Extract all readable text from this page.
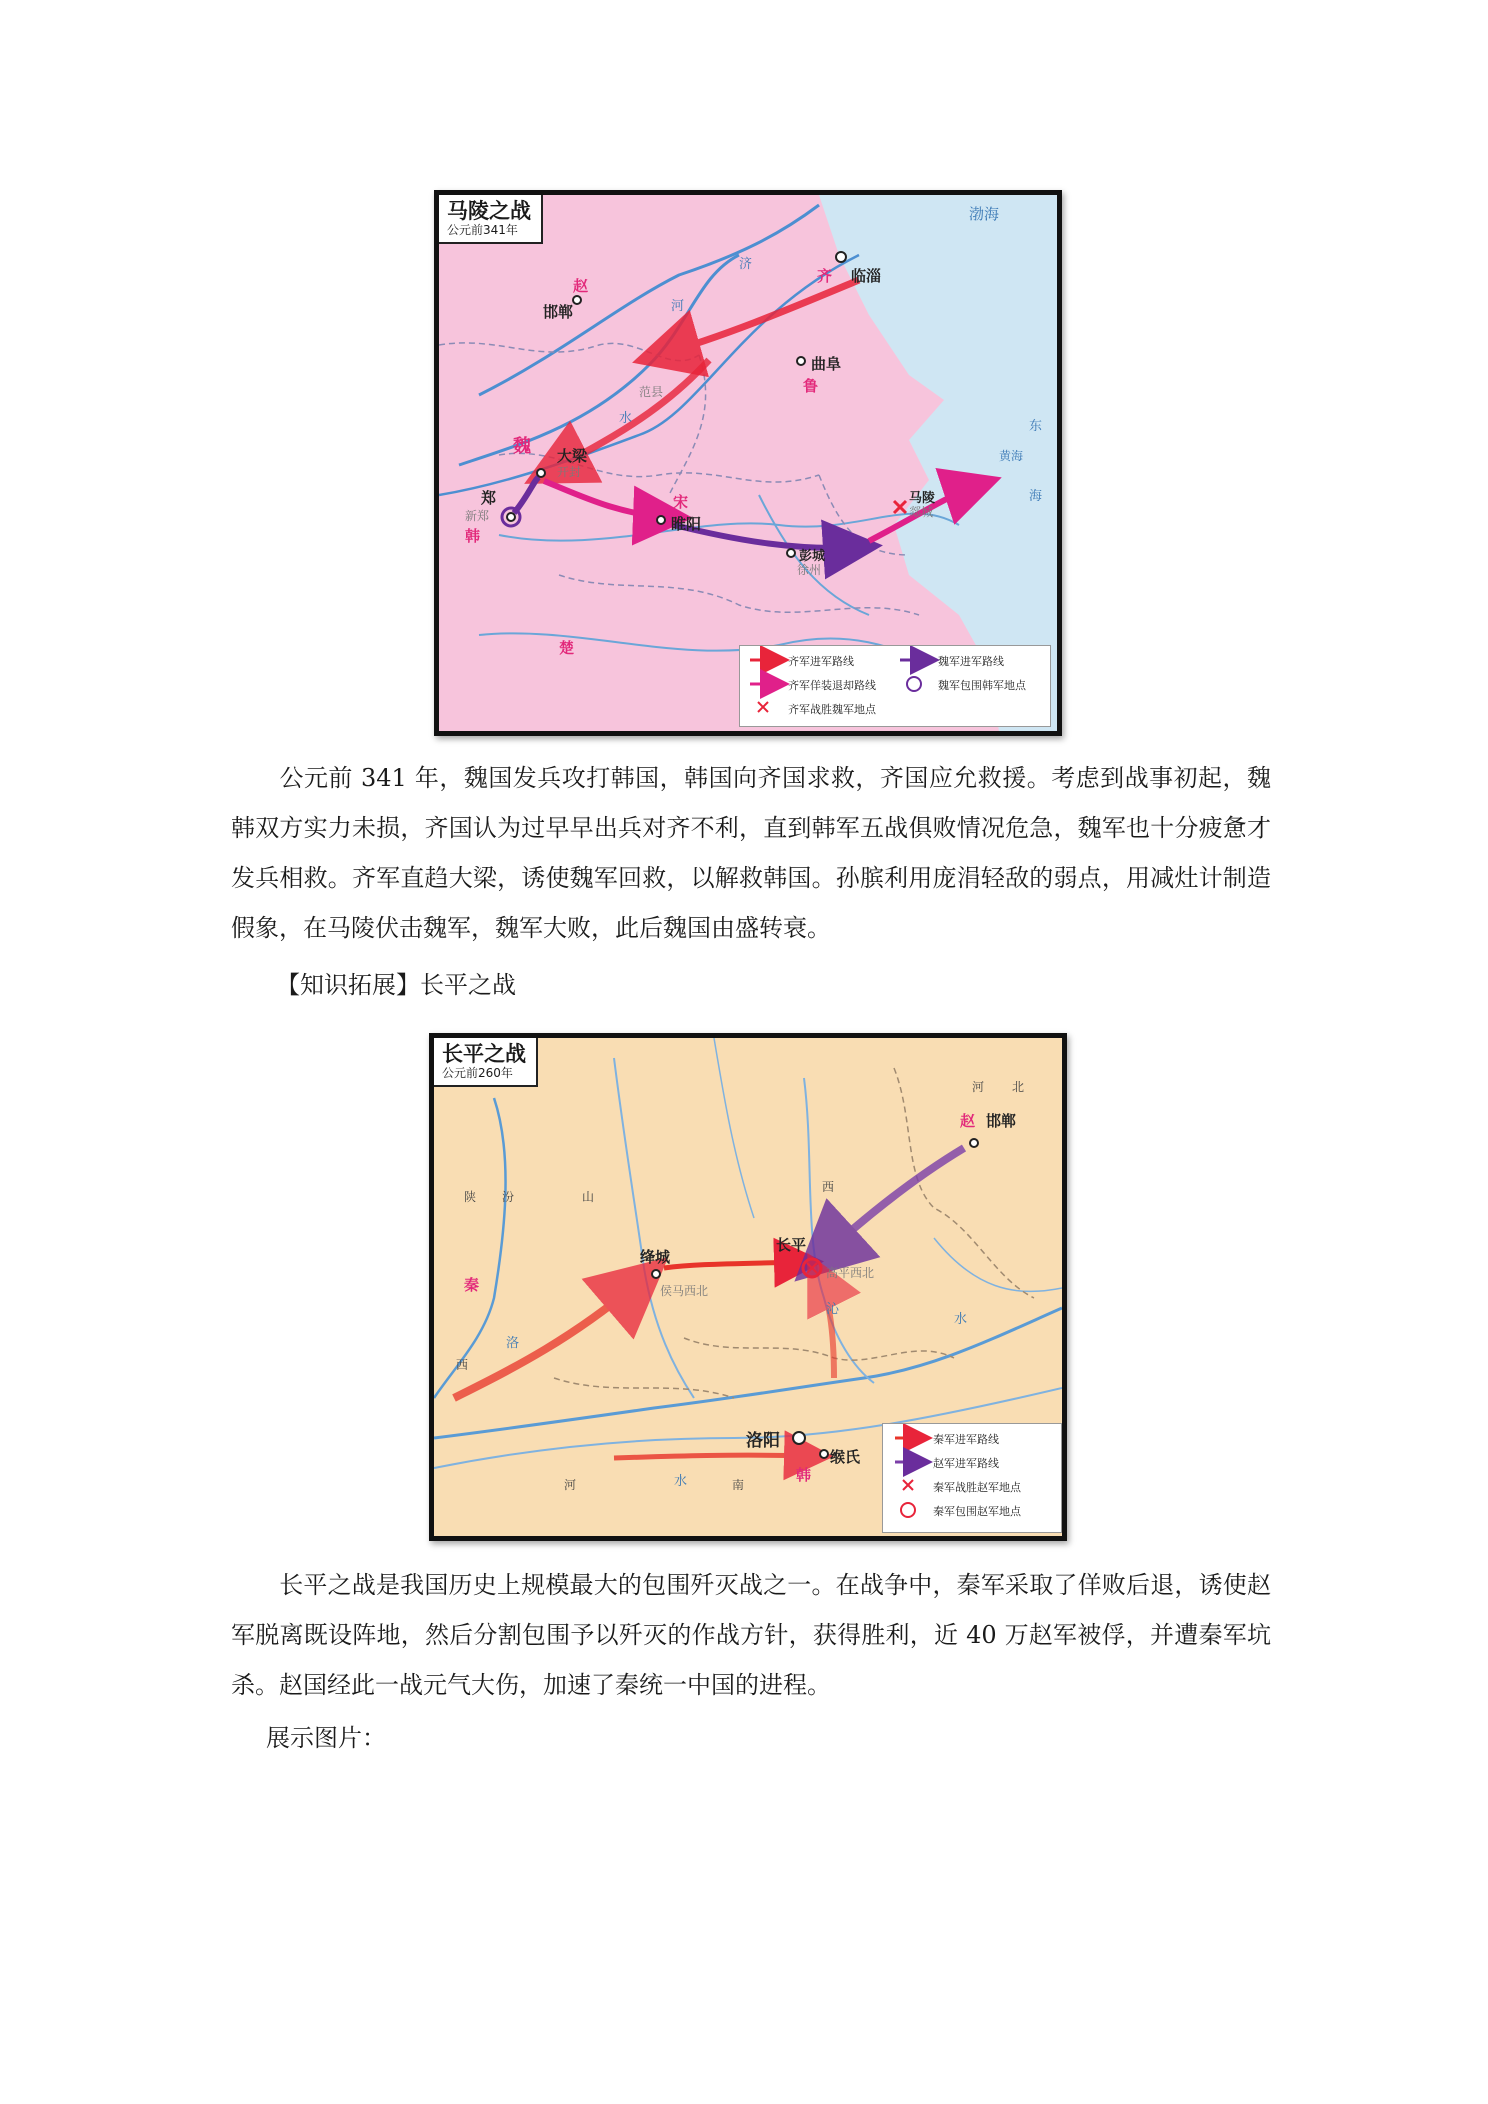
马陵之战
公元前341年
渤海
齐 临淄
赵
邯郸
范县
魏
曲阜
鲁
大梁
开封
郑
新郑
韩
宋
睢阳
彭城
徐州
马陵
郯城
楚
东
海
黄海
河
济
水
齐军进军路线	魏军进军路线
齐军佯装退却路线	魏军包围韩军地点
齐军战胜魏军地点

公元前 341 年，魏国发兵攻打韩国，韩国向齐国求救，齐国应允救援。考虑到战事初起，魏韩双方实力未损，齐国认为过早早出兵对齐不利，直到韩军五战俱败情况危急，魏军也十分疲惫才发兵相救。齐军直趋大梁，诱使魏军回救，以解救韩国。孙膑利用庞涓轻敌的弱点，用减灶计制造假象，在马陵伏击魏军，魏军大败，此后魏国由盛转衰。

【知识拓展】长平之战

长平之战
公元前260年
河 北
赵 邯郸
陕 汾	山
西
秦
绛城
侯马西北
长平
高平西北
沁
水
洛
西
洛阳
缑氏
韩
河	南
水
秦军进军路线
赵军进军路线
秦军战胜赵军地点
秦军包围赵军地点

长平之战是我国历史上规模最大的包围歼灭战之一。在战争中，秦军采取了佯败后退，诱使赵军脱离既设阵地，然后分割包围予以歼灭的作战方针，获得胜利，近 40 万赵军被俘，并遭秦军坑杀。赵国经此一战元气大伤，加速了秦统一中国的进程。

展示图片：
